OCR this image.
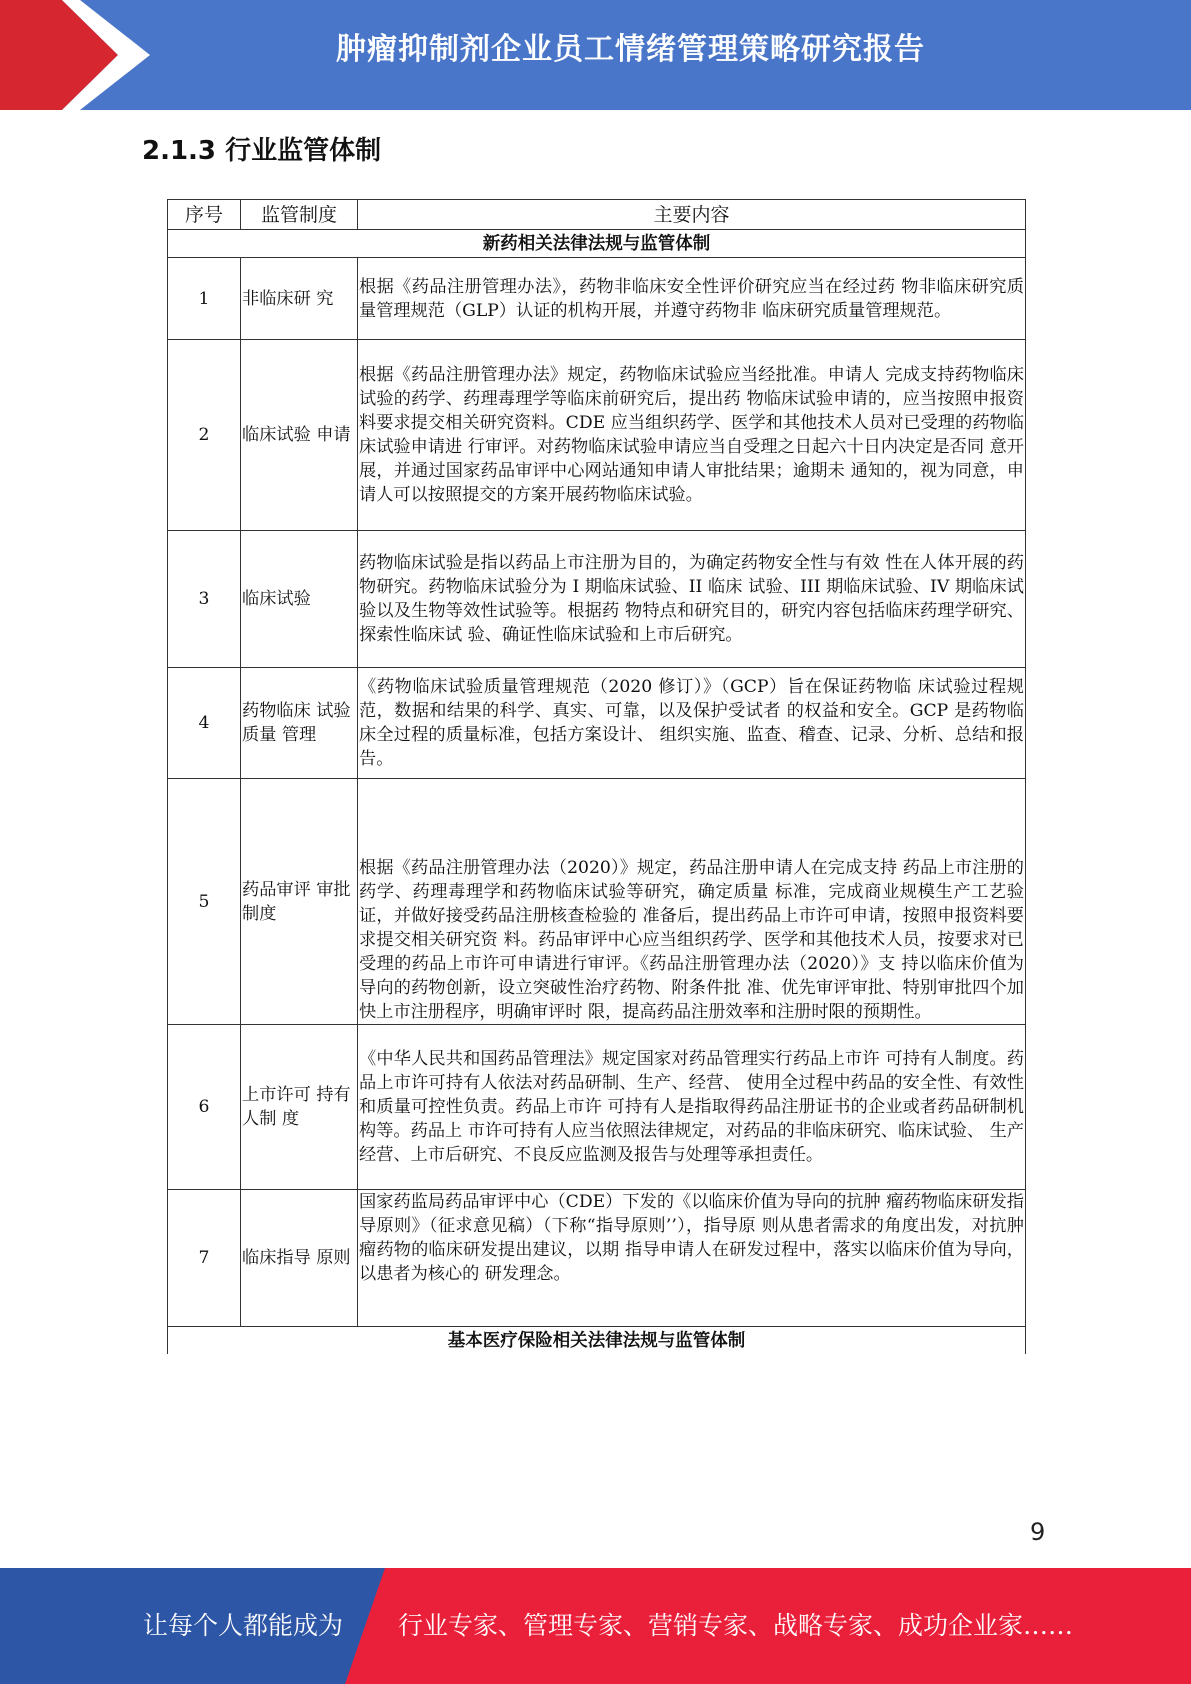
肿瘤抑制剂企业员工情绪管理策略研究报告
2.1.3 行业监管体制
序号	监管制度	主要内容
新药相关法律法规与监管体制		
1	非临床研 究	根据《药品注册管理办法》，药物非临床安全性评价研究应当在经过药 物非临床研究质量管理规范（GLP）认证的机构开展，并遵守药物非 临床研究质量管理规范。
2	临床试验 申请	根据《药品注册管理办法》规定，药物临床试验应当经批准。申请人 完成支持药物临床试验的药学、药理毒理学等临床前研究后，提出药 物临床试验申请的，应当按照申报资料要求提交相关研究资料。CDE 应当组织药学、医学和其他技术人员对已受理的药物临床试验申请进 行审评。对药物临床试验申请应当自受理之日起六十日内决定是否同 意开展，并通过国家药品审评中心网站通知申请人审批结果；逾期未 通知的，视为同意，申请人可以按照提交的方案开展药物临床试验。
3	临床试验	药物临床试验是指以药品上市注册为目的，为确定药物安全性与有效 性在人体开展的药物研究。药物临床试验分为 I 期临床试验、II 临床 试验、III 期临床试验、IV 期临床试验以及生物等效性试验等。根据药 物特点和研究目的，研究内容包括临床药理学研究、探索性临床试 验、确证性临床试验和上市后研究。
4	药物临床 试验质量 管理	《药物临床试验质量管理规范（2020 修订）》（GCP）旨在保证药物临 床试验过程规范，数据和结果的科学、真实、可靠，以及保护受试者 的权益和安全。GCP 是药物临床全过程的质量标准，包括方案设计、 组织实施、监查、稽查、记录、分析、总结和报告。
5	药品审评 审批制度	根据《药品注册管理办法（2020）》规定，药品注册申请人在完成支持 药品上市注册的药学、药理毒理学和药物临床试验等研究，确定质量 标准，完成商业规模生产工艺验证，并做好接受药品注册核查检验的 准备后，提出药品上市许可申请，按照申报资料要求提交相关研究资 料。药品审评中心应当组织药学、医学和其他技术人员，按要求对已 受理的药品上市许可申请进行审评。《药品注册管理办法（2020）》支 持以临床价值为导向的药物创新，设立突破性治疗药物、附条件批 准、优先审评审批、特别审批四个加快上市注册程序，明确审评时 限，提高药品注册效率和注册时限的预期性。
6	上市许可 持有人制 度	《中华人民共和国药品管理法》规定国家对药品管理实行药品上市许 可持有人制度。药品上市许可持有人依法对药品研制、生产、经营、 使用全过程中药品的安全性、有效性和质量可控性负责。药品上市许 可持有人是指取得药品注册证书的企业或者药品研制机构等。药品上 市许可持有人应当依照法律规定，对药品的非临床研究、临床试验、 生产经营、上市后研究、不良反应监测及报告与处理等承担责任。
7	临床指导 原则	国家药监局药品审评中心（CDE）下发的《以临床价值为导向的抗肿 瘤药物临床研发指导原则》（征求意见稿）（下称“指导原则’’），指导原 则从患者需求的角度出发，对抗肿瘤药物的临床研发提出建议，以期 指导申请人在研发过程中，落实以临床价值为导向，以患者为核心的 研发理念。
基本医疗保险相关法律法规与监管体制		
9
让每个人都能成为 行业专家、管理专家、营销专家、战略专家、成功企业家……
